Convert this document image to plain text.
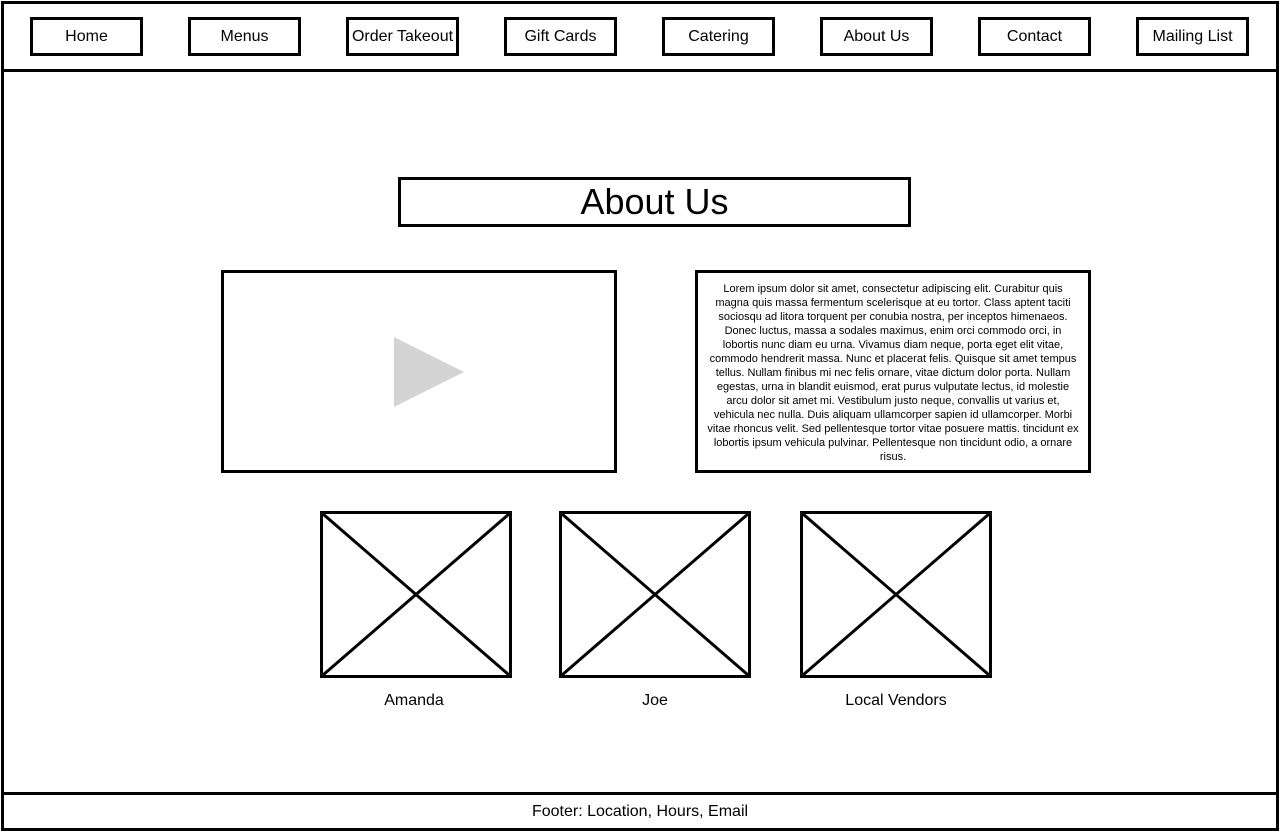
Home	Menus	Order Takeout	Gift Cards	Catering	About Us	Contact	Mailing List
About Us
Lorem ipsum dolor sit amet, consectetur adipiscing elit. Curabitur quis magna quis massa fermentum scelerisque at eu tortor. Class aptent taciti sociosqu ad litora torquent per conubia nostra, per inceptos himenaeos. Donec luctus, massa a sodales maximus, enim orci commodo orci, in lobortis nunc diam eu urna. Vivamus diam neque, porta eget elit vitae, commodo hendrerit massa. Nunc et placerat felis. Quisque sit amet tempus tellus. Nullam finibus mi nec felis ornare, vitae dictum dolor porta. Nullam egestas, urna in blandit euismod, erat purus vulputate lectus, id molestie arcu dolor sit amet mi. Vestibulum justo neque, convallis ut varius et, vehicula nec nulla. Duis aliquam ullamcorper sapien id ullamcorper. Morbi vitae rhoncus velit. Sed pellentesque tortor vitae posuere mattis. tincidunt ex lobortis ipsum vehicula pulvinar. Pellentesque non tincidunt odio, a ornare risus.
Amanda	Joe	Local Vendors
Footer: Location, Hours, Email
